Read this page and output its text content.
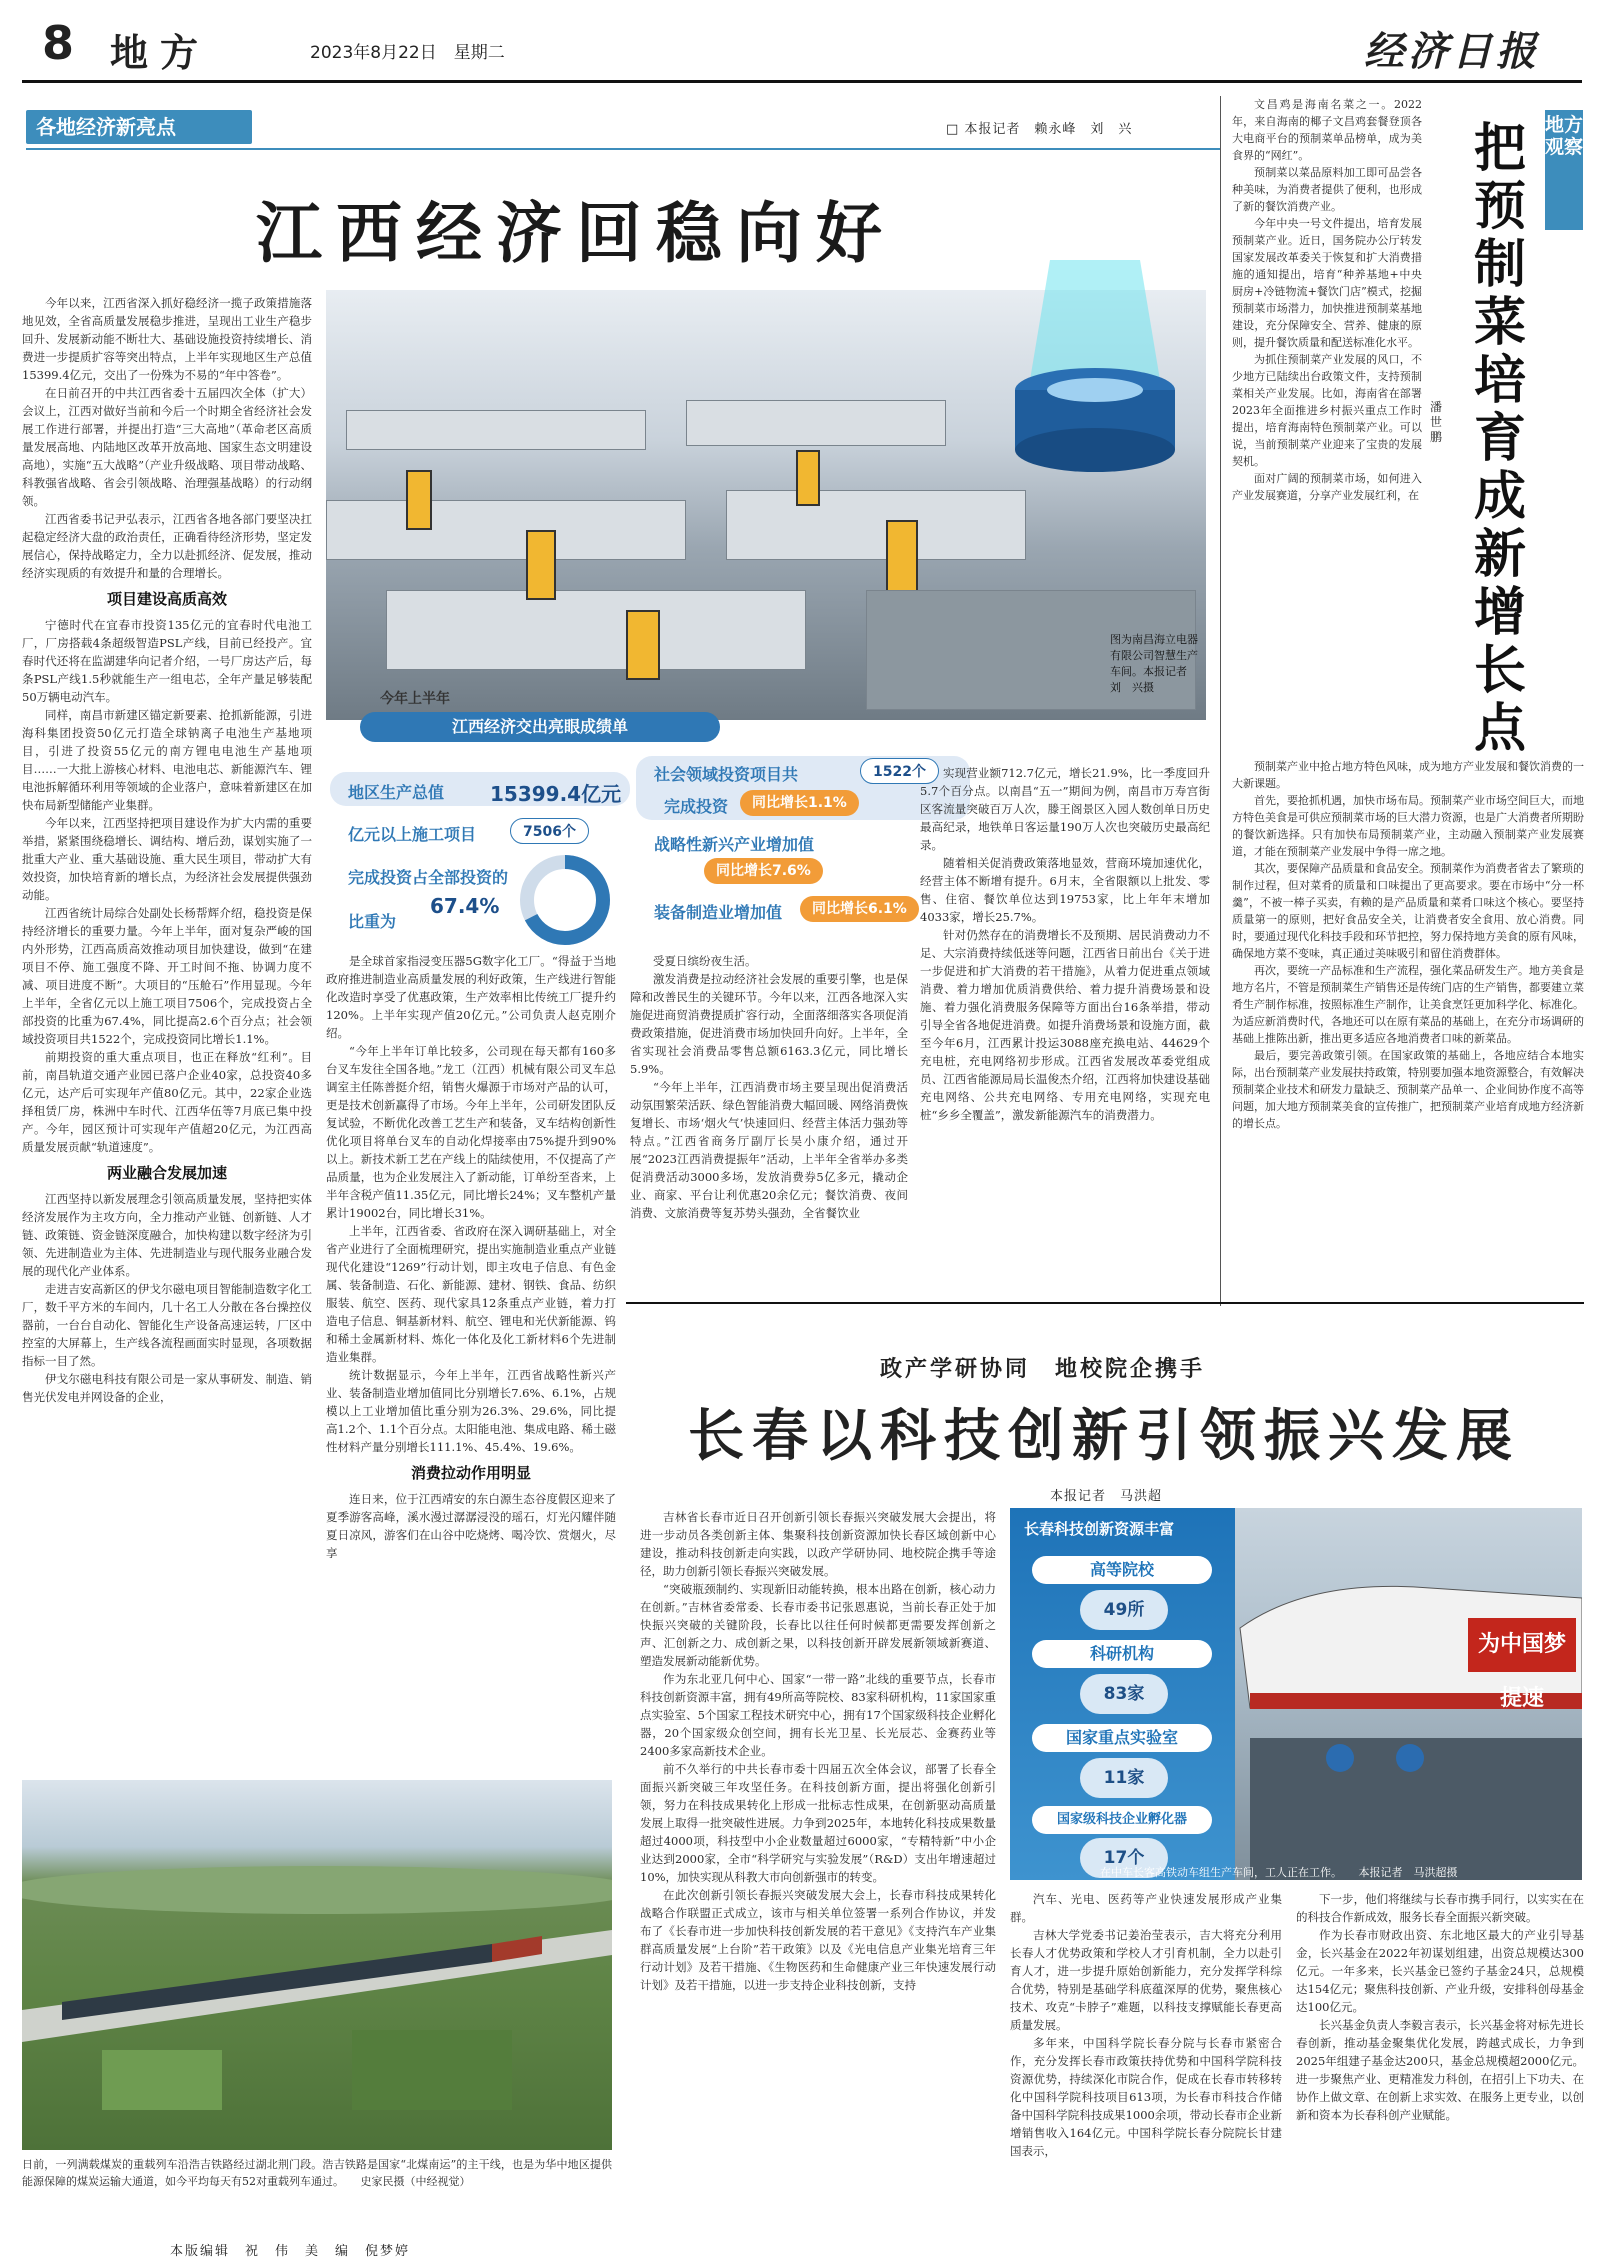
8 地方	2023年8月22日　星期二	经济日报
各地经济新亮点	□ 本报记者　赖永峰　刘　兴
江西经济回稳向好
图为南昌海立电器有限公司智慧生产车间。本报记者　刘　兴摄
今年上半年
江西经济交出亮眼成绩单
地区生产总值 15399.4亿元
亿元以上施工项目	7506个
完成投资占全部投资的比重为
67.4%
社会领域投资项目共	1522个
完成投资	同比增长1.1%
战略性新兴产业增加值
同比增长7.6%
装备制造业增加值	同比增长6.1%

今年以来，江西省深入抓好稳经济一揽子政策措施落地见效，全省高质量发展稳步推进，呈现出工业生产稳步回升、发展新动能不断壮大、基础设施投资持续增长、消费进一步提质扩容等突出特点，上半年实现地区生产总值15399.4亿元，交出了一份殊为不易的“年中答卷”。

在日前召开的中共江西省委十五届四次全体（扩大）会议上，江西对做好当前和今后一个时期全省经济社会发展工作进行部署，并提出打造“三大高地”（革命老区高质量发展高地、内陆地区改革开放高地、国家生态文明建设高地），实施“五大战略”（产业升级战略、项目带动战略、科教强省战略、省会引领战略、治理强基战略）的行动纲领。

江西省委书记尹弘表示，江西省各地各部门要坚决扛起稳定经济大盘的政治责任，正确看待经济形势，坚定发展信心，保持战略定力，全力以赴抓经济、促发展，推动经济实现质的有效提升和量的合理增长。

项目建设高质高效

宁德时代在宜春市投资135亿元的宜春时代电池工厂，厂房搭载4条超级智造PSL产线，目前已经投产。宜春时代还将在监湖建华向记者介绍，一号厂房达产后，每条PSL产线1.5秒就能生产一组电芯，全年产量足够装配50万辆电动汽车。

同样，南昌市新建区锚定新要素、抢抓新能源，引进海科集团投资50亿元打造全球钠离子电池生产基地项目，引进了投资55亿元的南方锂电电池生产基地项目……一大批上游核心材料、电池电芯、新能源汽车、锂电池拆解循环利用等领域的企业落户，意味着新建区在加快布局新型储能产业集群。

今年以来，江西坚持把项目建设作为扩大内需的重要举措，紧紧围绕稳增长、调结构、增后劲，谋划实施了一批重大产业、重大基础设施、重大民生项目，带动扩大有效投资，加快培育新的增长点，为经济社会发展提供强劲动能。

江西省统计局综合处副处长杨帮辉介绍，稳投资是保持经济增长的重要力量。今年上半年，面对复杂严峻的国内外形势，江西高质高效推动项目加快建设，做到“在建项目不停、施工强度不降、开工时间不拖、协调力度不减、项目进度不断”。大项目的“压舱石”作用显现。今年上半年，全省亿元以上施工项目7506个，完成投资占全部投资的比重为67.4%，同比提高2.6个百分点；社会领域投资项目共1522个，完成投资同比增长1.1%。

前期投资的重大重点项目，也正在释放“红利”。目前，南昌轨道交通产业园已落户企业40家，总投资40多亿元，达产后可实现年产值80亿元。其中，22家企业选择租赁厂房，株洲中车时代、江西华伍等7月底已集中投产。今年，园区预计可实现年产值超20亿元，为江西高质量发展贡献“轨道速度”。

两业融合发展加速

江西坚持以新发展理念引领高质量发展，坚持把实体经济发展作为主攻方向，全力推动产业链、创新链、人才链、政策链、资金链深度融合，加快构建以数字经济为引领、先进制造业为主体、先进制造业与现代服务业融合发展的现代化产业体系。

走进吉安高新区的伊戈尔磁电项目智能制造数字化工厂，数千平方米的车间内，几十名工人分散在各台操控仪器前，一台台自动化、智能化生产设备高速运转，厂区中控室的大屏幕上，生产线各流程画面实时显现，各项数据指标一目了然。

伊戈尔磁电科技有限公司是一家从事研发、制造、销售光伏发电并网设备的企业，

是全球首家指浸变压器5G数字化工厂。“得益于当地政府推进制造业高质量发展的利好政策，生产线进行智能化改造时享受了优惠政策，生产效率相比传统工厂提升约120%。上半年实现产值20亿元。”公司负责人赵克刚介绍。

“今年上半年订单比较多，公司现在每天都有160多台叉车发往全国各地。”龙工（江西）机械有限公司叉车总调室主任陈善挺介绍，销售火爆源于市场对产品的认可，更是技术创新赢得了市场。今年上半年，公司研发团队反复试验，不断优化改善工艺生产和装备，叉车结构创新性优化项目将单台叉车的自动化焊接率由75%提升到90%以上。新技术新工艺在产线上的陆续使用，不仅提高了产品质量，也为企业发展注入了新动能，订单纷至沓来，上半年含税产值11.35亿元，同比增长24%；叉车整机产量累计19002台，同比增长31%。

上半年，江西省委、省政府在深入调研基础上，对全省产业进行了全面梳理研究，提出实施制造业重点产业链现代化建设“1269”行动计划，即主攻电子信息、有色金属、装备制造、石化、新能源、建材、钢铁、食品、纺织服装、航空、医药、现代家具12条重点产业链，着力打造电子信息、铜基新材料、航空、锂电和光伏新能源、钨和稀土金属新材料、炼化一体化及化工新材料6个先进制造业集群。

统计数据显示，今年上半年，江西省战略性新兴产业、装备制造业增加值同比分别增长7.6%、6.1%，占规模以上工业增加值比重分别为26.3%、29.6%，同比提高1.2个、1.1个百分点。太阳能电池、集成电路、稀土磁性材料产量分别增长111.1%、45.4%、19.6%。

消费拉动作用明显

连日来，位于江西靖安的东白源生态谷度假区迎来了夏季游客高峰，溪水漫过潺潺浸没的瑶石，灯光闪耀伴随夏日凉风，游客们在山谷中吃烧烤、喝冷饮、赏烟火，尽享

受夏日缤纷夜生活。

激发消费是拉动经济社会发展的重要引擎，也是保障和改善民生的关键环节。今年以来，江西各地深入实施促进商贸消费提质扩容行动，全面落细落实各项促消费政策措施，促进消费市场加快回升向好。上半年，全省实现社会消费品零售总额6163.3亿元，同比增长5.9%。

“今年上半年，江西消费市场主要呈现出促消费活动氛围繁荣活跃、绿色智能消费大幅回暖、网络消费恢复增长、市场‘烟火气’快速回归、经营主体活力强劲等特点。”江西省商务厅副厅长吴小康介绍，通过开展“2023江西消费提振年”活动，上半年全省举办多类促消费活动3000多场，发放消费券5亿多元，撬动企业、商家、平台让利优惠20余亿元；餐饮消费、夜间消费、文旅消费等复苏势头强劲，全省餐饮业

实现营业额712.7亿元，增长21.9%，比一季度回升5.7个百分点。以南昌“五一”期间为例，南昌市万寿宫街区客流量突破百万人次，滕王阁景区入园人数创单日历史最高纪录，地铁单日客运量190万人次也突破历史最高纪录。

随着相关促消费政策落地显效，营商环境加速优化，经营主体不断增有提升。6月末，全省限额以上批发、零售、住宿、餐饮单位达到19753家，比上年年末增加4033家，增长25.7%。

针对仍然存在的消费增长不及预期、居民消费动力不足、大宗消费持续低迷等问题，江西省日前出台《关于进一步促进和扩大消费的若干措施》，从着力促进重点领域消费、着力增加优质消费供给、着力提升消费场景和设施、着力强化消费服务保障等方面出台16条举措，带动引导全省各地促进消费。如提升消费场景和设施方面，截至今年6月，江西累计投运3088座充换电站、44629个充电桩，充电网络初步形成。江西省发展改革委党组成员、江西省能源局局长温俊杰介绍，江西将加快建设基础充电网络、公共充电网络、专用充电网络，实现充电桩“乡乡全覆盖”，激发新能源汽车的消费潜力。

地方观察
把预制菜培育成新增长点
潘世鹏

文昌鸡是海南名菜之一。2022年，来自海南的椰子文昌鸡套餐登顶各大电商平台的预制菜单品榜单，成为美食界的“网红”。

预制菜以菜品原料加工即可品尝各种美味，为消费者提供了便利，也形成了新的餐饮消费产业。

今年中央一号文件提出，培育发展预制菜产业。近日，国务院办公厅转发国家发展改革委关于恢复和扩大消费措施的通知提出，培育“种养基地+中央厨房+冷链物流+餐饮门店”模式，挖掘预制菜市场潜力，加快推进预制菜基地建设，充分保障安全、营养、健康的原则，提升餐饮质量和配送标准化水平。

为抓住预制菜产业发展的风口，不少地方已陆续出台政策文件，支持预制菜相关产业发展。比如，海南省在部署2023年全面推进乡村振兴重点工作时提出，培育海南特色预制菜产业。可以说，当前预制菜产业迎来了宝贵的发展契机。

面对广阔的预制菜市场，如何进入产业发展赛道，分享产业发展红利，在

预制菜产业中抢占地方特色风味，成为地方产业发展和餐饮消费的一大新课题。

首先，要抢抓机遇，加快市场布局。预制菜产业市场空间巨大，而地方特色美食是可供应预制菜市场的巨大潜力资源，也是广大消费者所期盼的餐饮新选择。只有加快布局预制菜产业，主动融入预制菜产业发展赛道，才能在预制菜产业发展中争得一席之地。

其次，要保障产品质量和食品安全。预制菜作为消费者省去了繁琐的制作过程，但对菜肴的质量和口味提出了更高要求。要在市场中“分一杯羹”，不被一棒子买卖，有赖的是产品质量和菜肴口味这个核心。要坚持质量第一的原则，把好食品安全关，让消费者安全食用、放心消费。同时，要通过现代化科技手段和环节把控，努力保持地方美食的原有风味，确保地方菜不变味，真正通过美味吸引和留住消费群体。

再次，要统一产品标准和生产流程，强化菜品研发生产。地方美食是地方名片，不管是预制菜生产销售还是传统门店的生产销售，都要建立菜肴生产制作标准，按照标准生产制作，让美食烹饪更加科学化、标准化。为适应新消费时代，各地还可以在原有菜品的基础上，在充分市场调研的基础上推陈出新，推出更多适应各地消费者口味的新菜品。

最后，要完善政策引领。在国家政策的基础上，各地应结合本地实际，出台预制菜产业发展扶持政策，特别要加强本地资源整合，有效解决预制菜企业技术和研发力量缺乏、预制菜产品单一、企业间协作度不高等问题，加大地方预制菜美食的宣传推广，把预制菜产业培育成地方经济新的增长点。

日前，一列满载煤炭的重载列车沿浩吉铁路经过湖北荆门段。浩吉铁路是国家“北煤南运”的主干线，也是为华中地区提供能源保障的煤炭运输大通道，如今平均每天有52对重载列车通过。　　史家民摄（中经视觉）
政产学研协同　地校院企携手
长春以科技创新引领振兴发展
本报记者　马洪超
长春科技创新资源丰富
高等院校
49所
科研机构
83家
国家重点实验室
11家
国家级科技企业孵化器
17个
为中国梦提速
在中车长客高铁动车组生产车间，工人正在工作。　　本报记者　马洪超摄

吉林省长春市近日召开创新引领长春振兴突破发展大会提出，将进一步动员各类创新主体、集聚科技创新资源加快长春区域创新中心建设，推动科技创新走向实践，以政产学研协同、地校院企携手等途径，助力创新引领长春振兴突破发展。

“突破瓶颈制约、实现新旧动能转换，根本出路在创新，核心动力在创新。”吉林省委常委、长春市委书记张恩惠说，当前长春正处于加快振兴突破的关键阶段，长春比以往任何时候都更需要发挥创新之声、汇创新之力、成创新之果，以科技创新开辟发展新领域新赛道、塑造发展新动能新优势。

作为东北亚几何中心、国家“一带一路”北线的重要节点，长春市科技创新资源丰富，拥有49所高等院校、83家科研机构，11家国家重点实验室、5个国家工程技术研究中心，拥有17个国家级科技企业孵化器，20个国家级众创空间，拥有长光卫星、长光辰芯、金赛药业等2400多家高新技术企业。

前不久举行的中共长春市委十四届五次全体会议，部署了长春全面振兴新突破三年攻坚任务。在科技创新方面，提出将强化创新引领，努力在科技成果转化上形成一批标志性成果，在创新驱动高质量发展上取得一批突破性进展。力争到2025年，本地转化科技成果数量超过4000项，科技型中小企业数量超过6000家，“专精特新”中小企业达到2000家，全市“科学研究与实验发展”（R&D）支出年增速超过10%，加快实现从科教大市向创新强市的转变。

在此次创新引领长春振兴突破发展大会上，长春市科技成果转化战略合作联盟正式成立，该市与相关单位签署一系列合作协议，并发布了《长春市进一步加快科技创新发展的若干意见》《支持汽车产业集群高质量发展“上台阶”若干政策》以及《光电信息产业集光培育三年行动计划》及若干措施、《生物医药和生命健康产业三年快速发展行动计划》及若干措施，以进一步支持企业科技创新，支持

汽车、光电、医药等产业快速发展形成产业集群。

吉林大学党委书记姜治莹表示，吉大将充分利用长春人才优势政策和学校人才引育机制，全力以赴引育人才，进一步提升原始创新能力，充分发挥学科综合优势，特别是基础学科底蕴深厚的优势，聚焦核心技术、攻克“卡脖子”难题，以科技支撑赋能长春更高质量发展。

多年来，中国科学院长春分院与长春市紧密合作，充分发挥长春市政策扶持优势和中国科学院科技资源优势，持续深化市院合作，促成在长春市转移转化中国科学院科技项目613项，为长春市科技合作储备中国科学院科技成果1000余项，带动长春市企业新增销售收入164亿元。中国科学院长春分院院长甘建国表示，

下一步，他们将继续与长春市携手同行，以实实在在的科技合作新成效，服务长春全面振兴新突破。

作为长春市财政出资、东北地区最大的产业引导基金，长兴基金在2022年初谋划组建，出资总规模达300亿元。一年多来，长兴基金已签约子基金24只，总规模达154亿元；聚焦科技创新、产业升级，安排科创母基金达100亿元。

长兴基金负责人李毅言表示，长兴基金将对标先进长春创新，推动基金聚集优化发展，跨越式成长，力争到2025年组建子基金达200只，基金总规模超2000亿元。进一步聚焦产业、更精准发力科创，在招引上下功夫、在协作上做文章、在创新上求实效、在服务上更专业，以创新和资本为长春科创产业赋能。

本版编辑　祝　伟　美　编　倪梦婷
